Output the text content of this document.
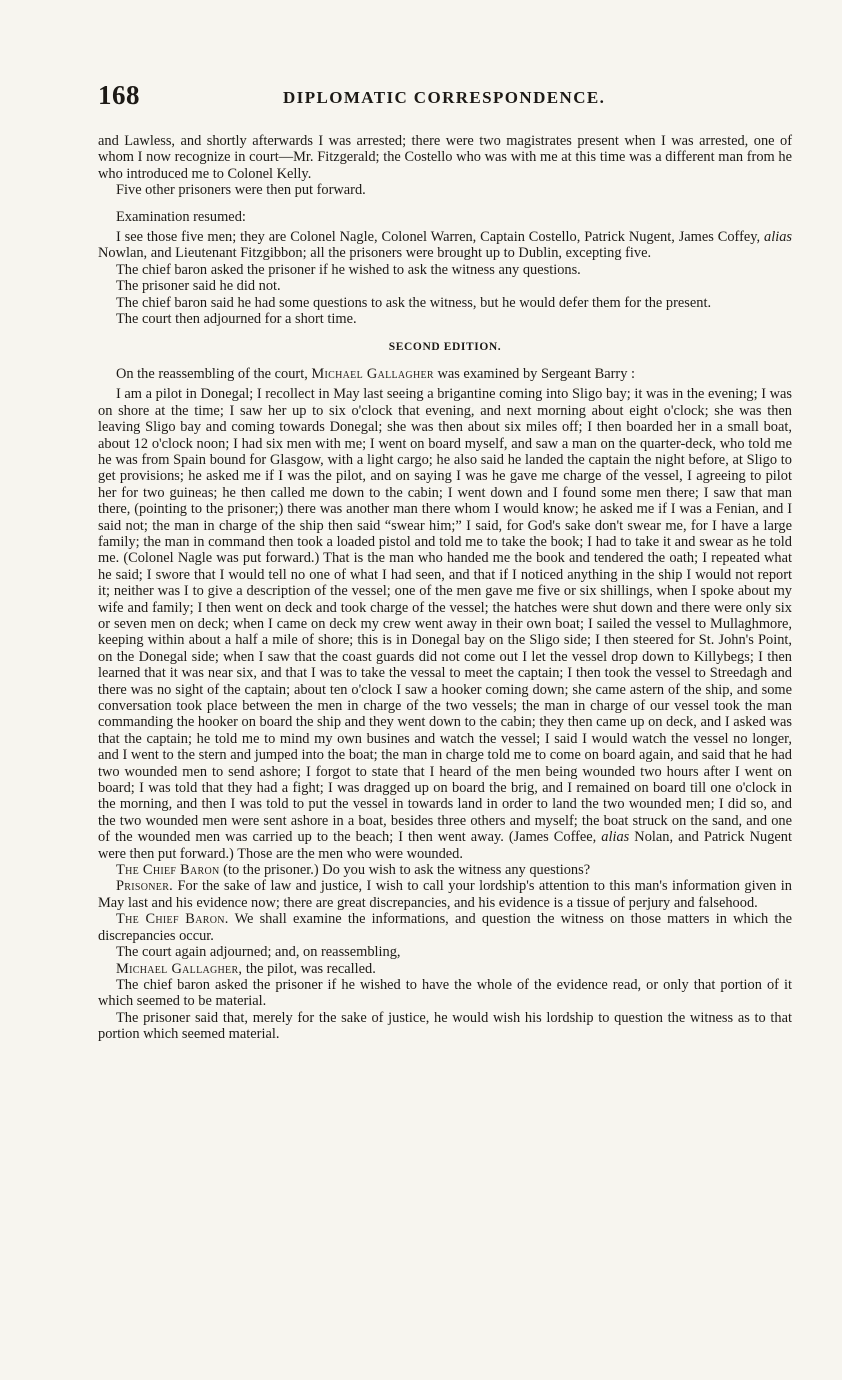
168	DIPLOMATIC CORRESPONDENCE.

and Lawless, and shortly afterwards I was arrested; there were two magistrates present when I was arrested, one of whom I now recognize in court—Mr. Fitzgerald; the Costello who was with me at this time was a different man from he who introduced me to Colonel Kelly.

Five other prisoners were then put forward.

Examination resumed:

I see those five men; they are Colonel Nagle, Colonel Warren, Captain Costello, Patrick Nugent, James Coffey, alias Nowlan, and Lieutenant Fitzgibbon; all the prisoners were brought up to Dublin, excepting five.

The chief baron asked the prisoner if he wished to ask the witness any questions.

The prisoner said he did not.

The chief baron said he had some questions to ask the witness, but he would defer them for the present.

The court then adjourned for a short time.

SECOND EDITION.

On the reassembling of the court, Michael Gallagher was examined by Sergeant Barry :

I am a pilot in Donegal; I recollect in May last seeing a brigantine coming into Sligo bay; it was in the evening; I was on shore at the time; I saw her up to six o'clock that evening, and next morning about eight o'clock; she was then leaving Sligo bay and coming towards Donegal; she was then about six miles off; I then boarded her in a small boat, about 12 o'clock noon; I had six men with me; I went on board myself, and saw a man on the quarter-deck, who told me he was from Spain bound for Glasgow, with a light cargo; he also said he landed the captain the night before, at Sligo to get provisions; he asked me if I was the pilot, and on saying I was he gave me charge of the vessel, I agreeing to pilot her for two guineas; he then called me down to the cabin; I went down and I found some men there; I saw that man there, (pointing to the prisoner;) there was another man there whom I would know; he asked me if I was a Fenian, and I said not; the man in charge of the ship then said “swear him;” I said, for God's sake don't swear me, for I have a large family; the man in command then took a loaded pistol and told me to take the book; I had to take it and swear as he told me. (Colonel Nagle was put forward.) That is the man who handed me the book and tendered the oath; I repeated what he said; I swore that I would tell no one of what I had seen, and that if I noticed anything in the ship I would not report it; neither was I to give a description of the vessel; one of the men gave me five or six shillings, when I spoke about my wife and family; I then went on deck and took charge of the vessel; the hatches were shut down and there were only six or seven men on deck; when I came on deck my crew went away in their own boat; I sailed the vessel to Mullaghmore, keeping within about a half a mile of shore; this is in Donegal bay on the Sligo side; I then steered for St. John's Point, on the Donegal side; when I saw that the coast guards did not come out I let the vessel drop down to Killybegs; I then learned that it was near six, and that I was to take the vessal to meet the captain; I then took the vessel to Streedagh and there was no sight of the captain; about ten o'clock I saw a hooker coming down; she came astern of the ship, and some conversation took place between the men in charge of the two vessels; the man in charge of our vessel took the man commanding the hooker on board the ship and they went down to the cabin; they then came up on deck, and I asked was that the captain; he told me to mind my own busines and watch the vessel; I said I would watch the vessel no longer, and I went to the stern and jumped into the boat; the man in charge told me to come on board again, and said that he had two wounded men to send ashore; I forgot to state that I heard of the men being wounded two hours after I went on board; I was told that they had a fight; I was dragged up on board the brig, and I remained on board till one o'clock in the morning, and then I was told to put the vessel in towards land in order to land the two wounded men; I did so, and the two wounded men were sent ashore in a boat, besides three others and myself; the boat struck on the sand, and one of the wounded men was carried up to the beach; I then went away. (James Coffee, alias Nolan, and Patrick Nugent were then put forward.) Those are the men who were wounded.

The Chief Baron (to the prisoner.) Do you wish to ask the witness any questions?

Prisoner. For the sake of law and justice, I wish to call your lordship's attention to this man's information given in May last and his evidence now; there are great discrepancies, and his evidence is a tissue of perjury and falsehood.

The Chief Baron. We shall examine the informations, and question the witness on those matters in which the discrepancies occur.

The court again adjourned; and, on reassembling,

Michael Gallagher, the pilot, was recalled.

The chief baron asked the prisoner if he wished to have the whole of the evidence read, or only that portion of it which seemed to be material.

The prisoner said that, merely for the sake of justice, he would wish his lordship to question the witness as to that portion which seemed material.
